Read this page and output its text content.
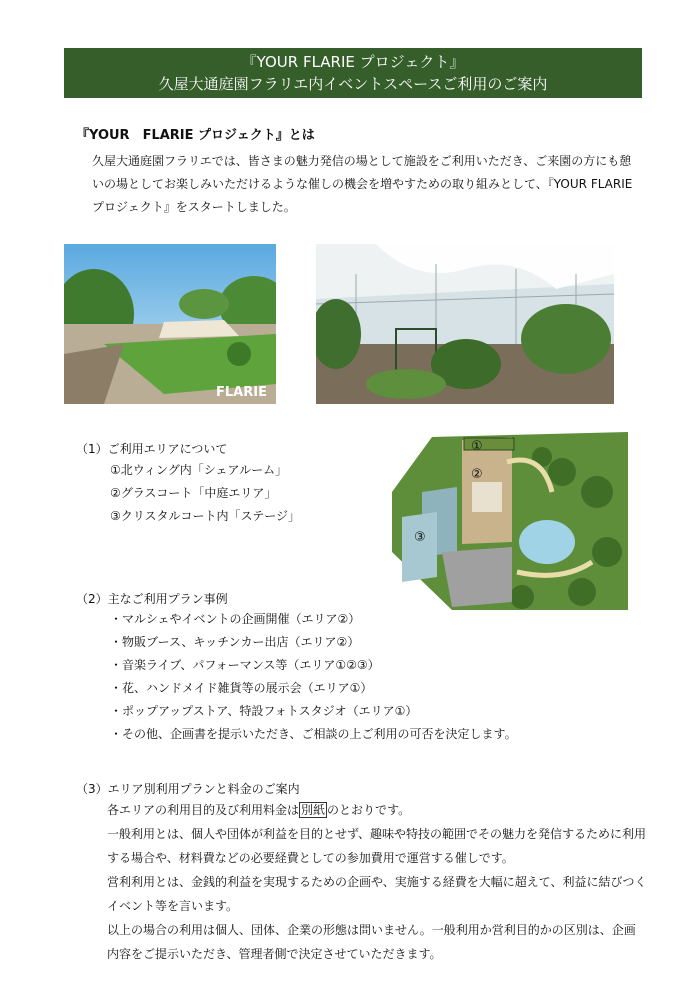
『YOUR FLARIE プロジェクト』
久屋大通庭園フラリエ内イベントスペースご利用のご案内
『YOUR　FLARIE プロジェクト』とは
久屋大通庭園フラリエでは、皆さまの魅力発信の場として施設をご利用いただき、ご来園の方にも憩いの場としてお楽しみいただけるような催しの機会を増やすための取り組みとして、『YOUR FLARIE プロジェクト』をスタートしました。
FLARIE
①
②
③
（1）ご利用エリアについて
①北ウィング内「シェアルーム」
②グラスコート「中庭エリア」
③クリスタルコート内「ステージ」
（2）主なご利用プラン事例
・マルシェやイベントの企画開催（エリア②）
・物販ブース、キッチンカー出店（エリア②）
・音楽ライブ、パフォーマンス等（エリア①②③）
・花、ハンドメイド雑貨等の展示会（エリア①）
・ポップアップストア、特設フォトスタジオ（エリア①）
・その他、企画書を提示いただき、ご相談の上ご利用の可否を決定します。
（3）エリア別利用プランと料金のご案内
各エリアの利用目的及び利用料金は 別紙 のとおりです。
一般利用とは、個人や団体が利益を目的とせず、趣味や特技の範囲でその魅力を発信するために利用する場合や、材料費などの必要経費としての参加費用で運営する催しです。
営利利用とは、金銭的利益を実現するための企画や、実施する経費を大幅に超えて、利益に結びつくイベント等を言います。
以上の場合の利用は個人、団体、企業の形態は問いません。一般利用か営利目的かの区別は、企画内容をご提示いただき、管理者側で決定させていただきます。
